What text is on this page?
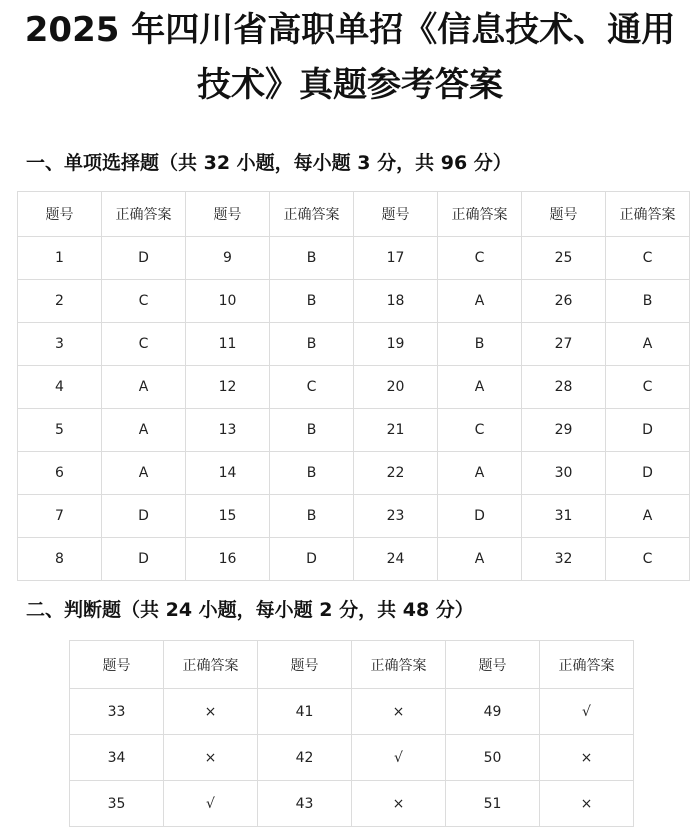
2025 年四川省高职单招《信息技术、通用
技术》真题参考答案
一、单项选择题（共 32 小题，每小题 3 分，共 96 分）
题号	正确答案	题号	正确答案	题号	正确答案	题号	正确答案
1	D	9	B	17	C	25	C
2	C	10	B	18	A	26	B
3	C	11	B	19	B	27	A
4	A	12	C	20	A	28	C
5	A	13	B	21	C	29	D
6	A	14	B	22	A	30	D
7	D	15	B	23	D	31	A
8	D	16	D	24	A	32	C
二、判断题（共 24 小题，每小题 2 分，共 48 分）
题号	正确答案	题号	正确答案	题号	正确答案
33	×	41	×	49	√
34	×	42	√	50	×
35	√	43	×	51	×
